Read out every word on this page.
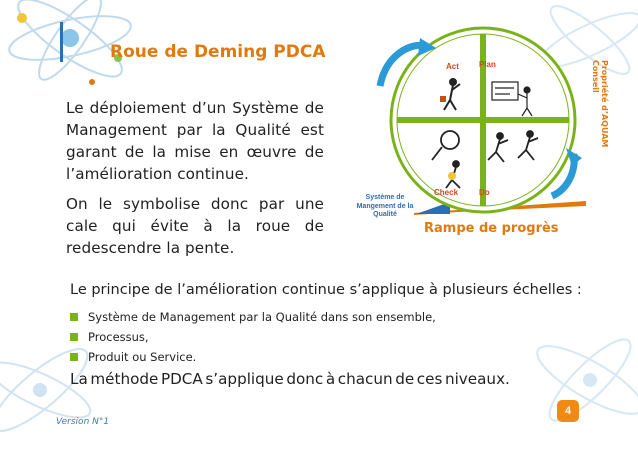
Roue de Deming PDCA
Le déploiement d’un Système de Management par la Qualité est garant de la mise en œuvre de l’amélioration continue.
On le symbolise donc par une cale qui évite à la roue de redescendre la pente.
Act	Plan
Check	Do
Système de Mangement de la Qualité
Rampe de progrès
Propriété d’AQUAM Conseil
Le principe de l’amélioration continue s’applique à plusieurs échelles :
Système de Management par la Qualité dans son ensemble,
Processus,
Produit ou Service.
La méthode PDCA s’applique donc à chacun de ces niveaux.
Version N°1
4
